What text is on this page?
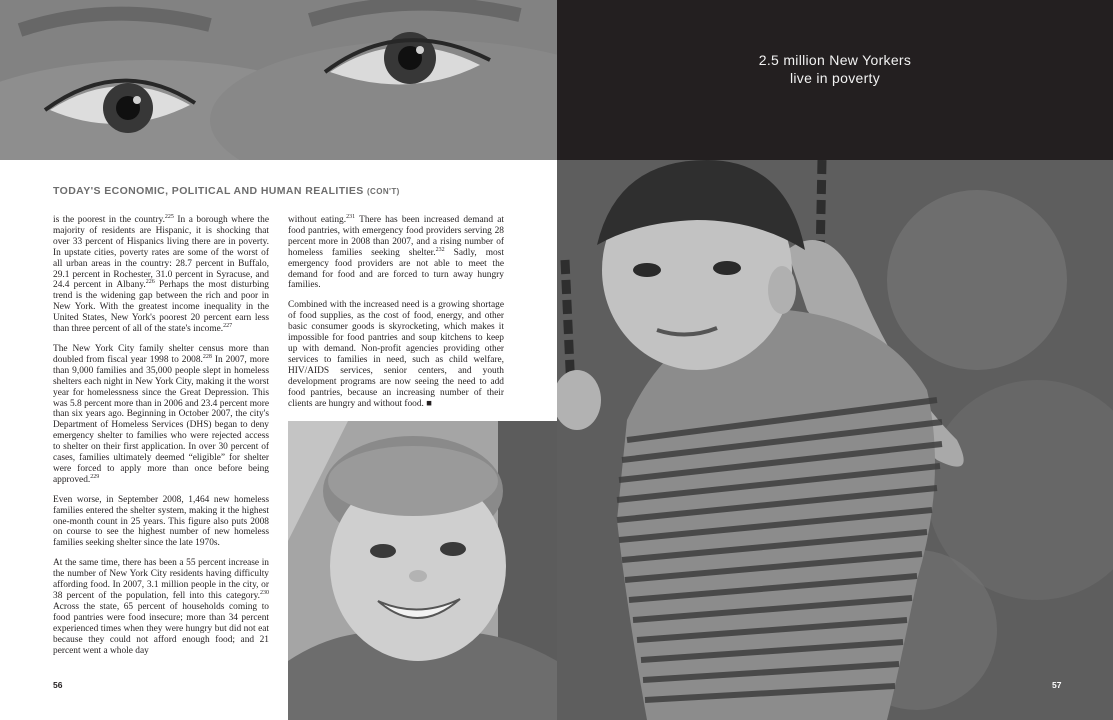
TODAY'S ECONOMIC, POLITICAL AND HUMAN REALITIES (CON'T)

is the poorest in the country.$^{225}$ In a borough where the majority of residents are Hispanic, it is shocking that over 33 percent of Hispanics living there are in poverty. In upstate cities, poverty rates are some of the worst of all urban areas in the country: 28.7 percent in Buffalo, 29.1 percent in Rochester, 31.0 percent in Syracuse, and 24.4 percent in Albany.$^{226}$ Perhaps the most disturbing trend is the widening gap between the rich and poor in New York. With the greatest income inequality in the United States, New York's poorest 20 percent earn less than three percent of all of the state's income.$^{227}$

The New York City family shelter census more than doubled from fiscal year 1998 to 2008.$^{228}$ In 2007, more than 9,000 families and 35,000 people slept in homeless shelters each night in New York City, making it the worst year for homelessness since the Great Depression. This was 5.8 percent more than in 2006 and 23.4 percent more than six years ago. Beginning in October 2007, the city's Department of Homeless Services (DHS) began to deny emergency shelter to families who were rejected access to shelter on their first application. In over 30 percent of cases, families ultimately deemed “eligible” for shelter were forced to apply more than once before being approved.$^{229}$

Even worse, in September 2008, 1,464 new homeless families entered the shelter system, making it the highest one-month count in 25 years. This figure also puts 2008 on course to see the highest number of new homeless families seeking shelter since the late 1970s.

At the same time, there has been a 55 percent increase in the number of New York City residents having difficulty affording food. In 2007, 3.1 million people in the city, or 38 percent of the population, fell into this category.$^{230}$ Across the state, 65 percent of households coming to food pantries were food insecure; more than 34 percent experienced times when they were hungry but did not eat because they could not afford enough food; and 21 percent went a whole day

without eating.$^{231}$ There has been increased demand at food pantries, with emergency food providers serving 28 percent more in 2008 than 2007, and a rising number of homeless families seeking shelter.$^{232}$ Sadly, most emergency food providers are not able to meet the demand for food and are forced to turn away hungry families.

Combined with the increased need is a growing shortage of food supplies, as the cost of food, energy, and other basic consumer goods is skyrocketing, which makes it impossible for food pantries and soup kitchens to keep up with demand. Non-profit agencies providing other services to families in need, such as child welfare, HIV/AIDS services, senior centers, and youth development programs are now seeing the need to add food pantries, because an increasing number of their clients are hungry and without food. ■

56
2.5 million New Yorkers
live in poverty
57
